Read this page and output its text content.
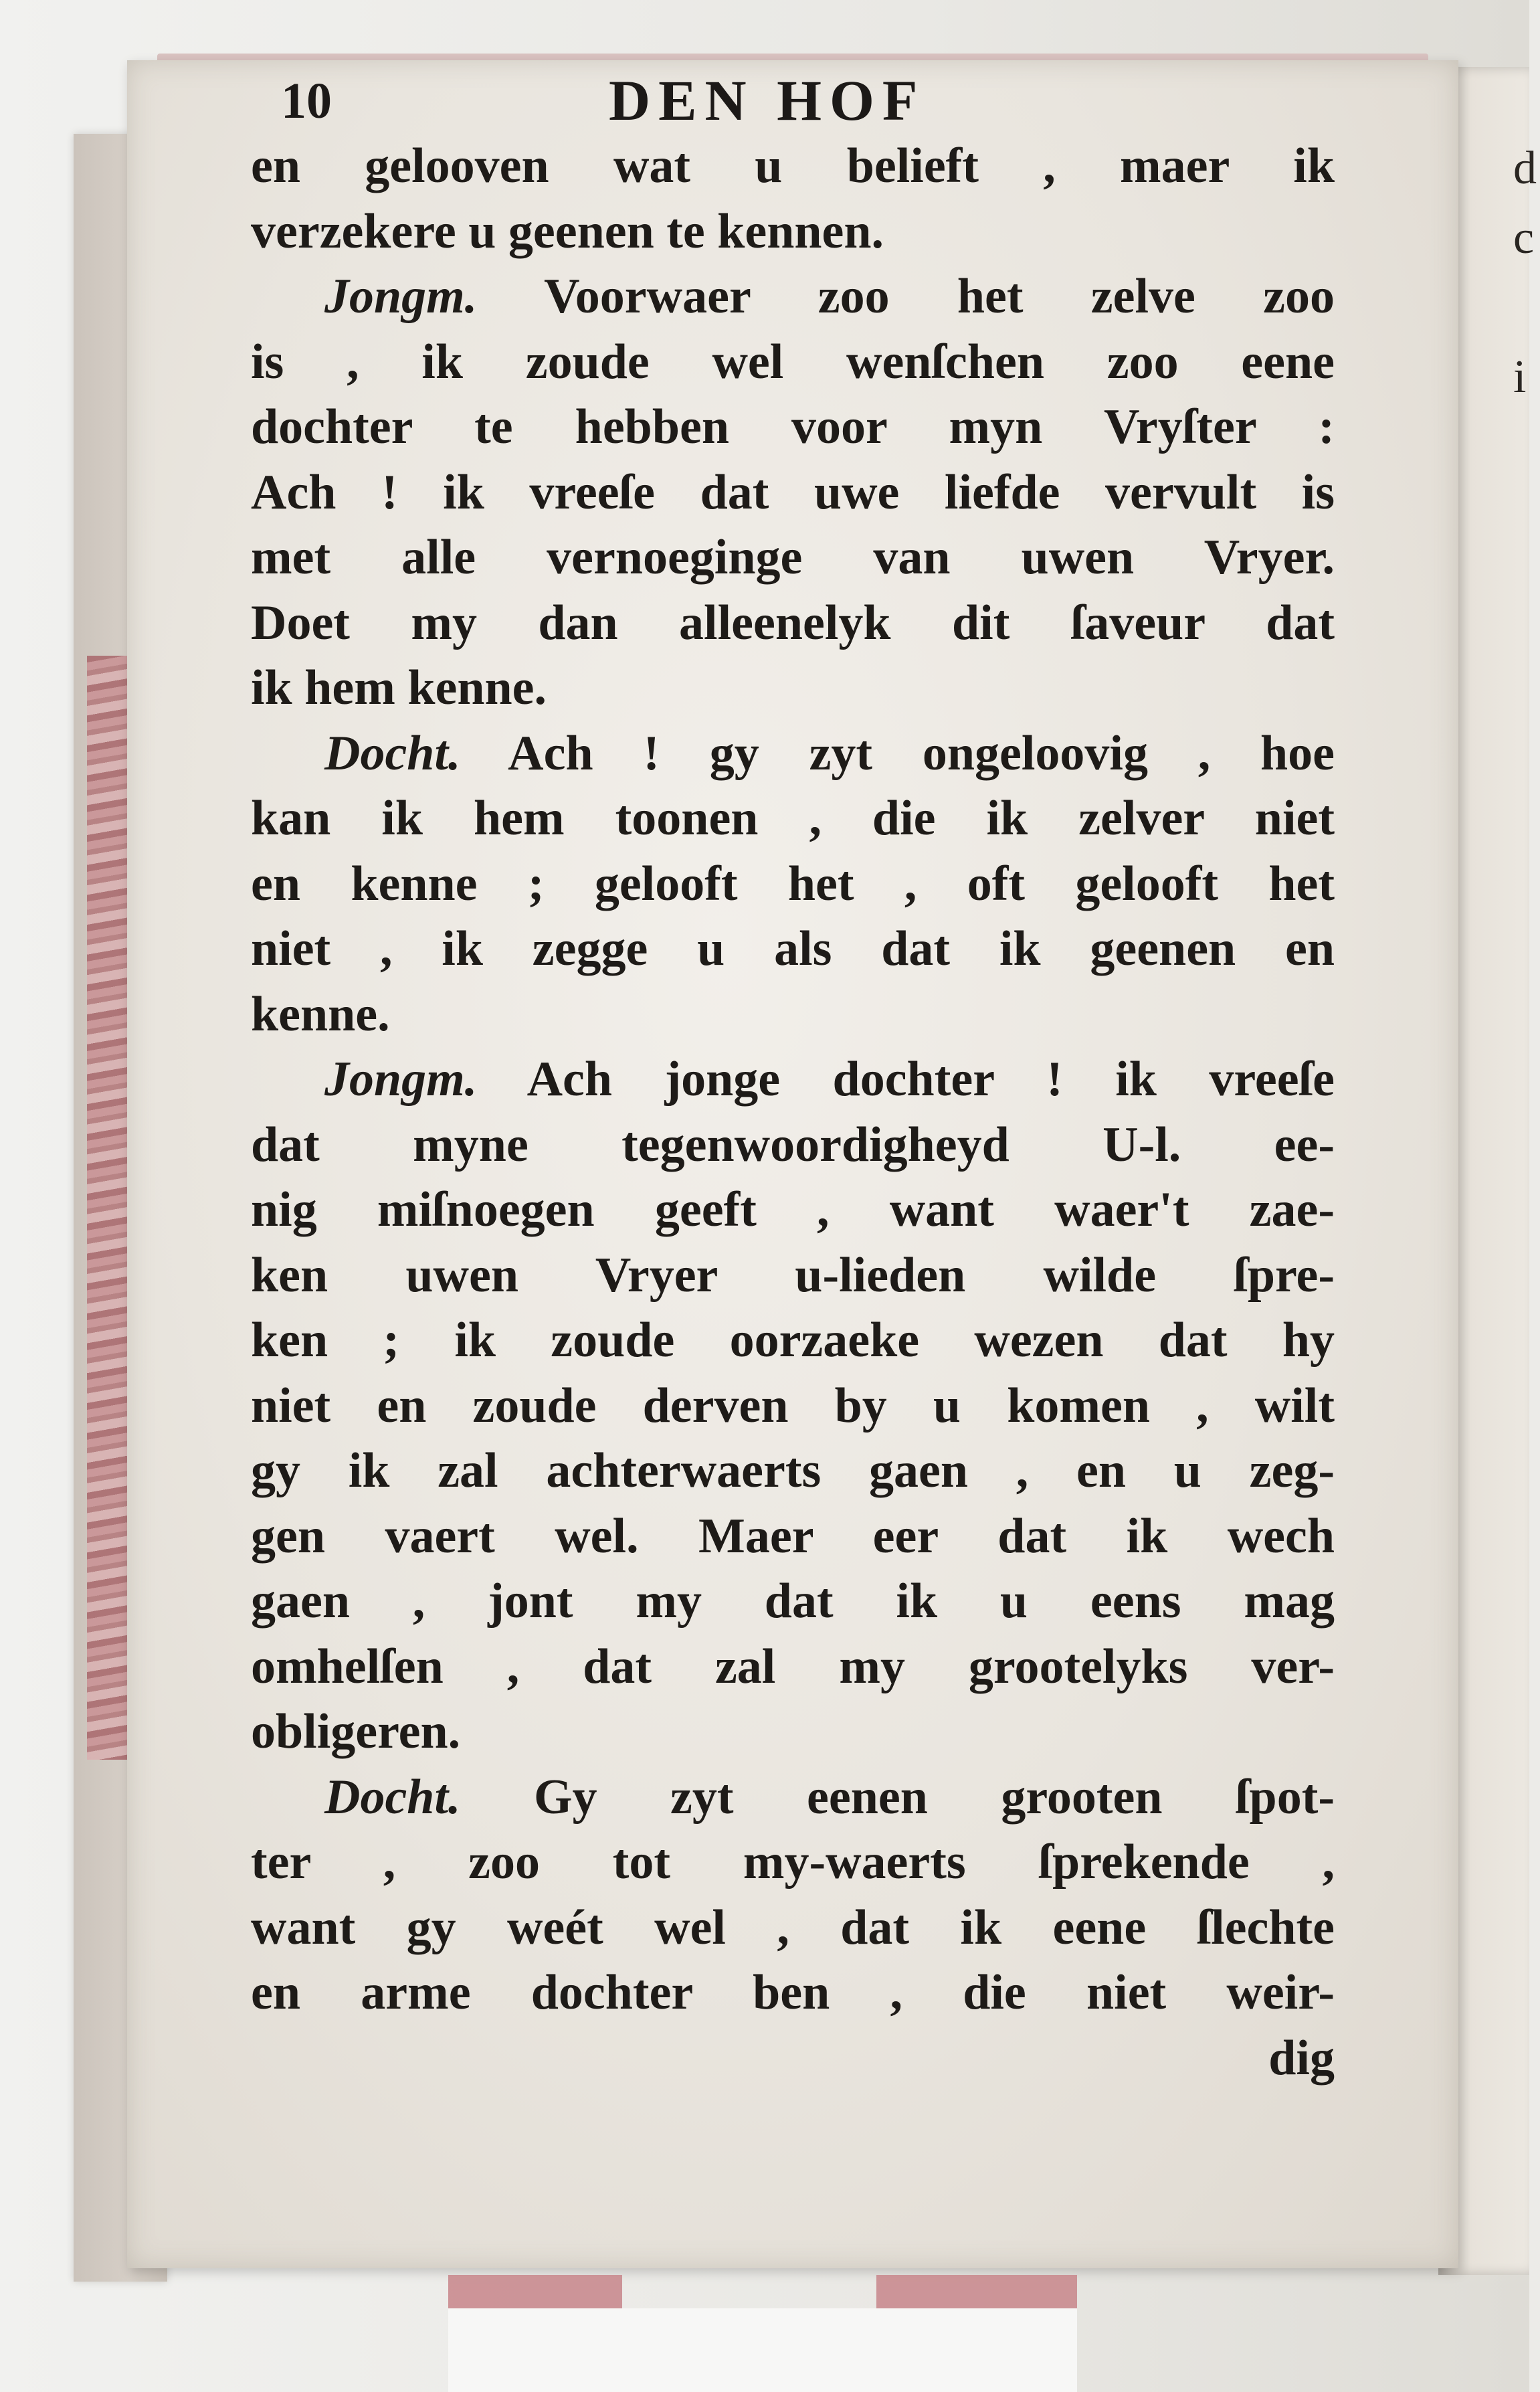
d
c

i

10	DEN HOF
en gelooven wat u belieft , maer ik
verzekere u geenen te kennen.
Jongm. Voorwaer zoo het zelve zoo
is , ik zoude wel wenſchen zoo eene
dochter te hebben voor myn Vryſter :
Ach ! ik vreeſe dat uwe liefde vervult is
met alle vernoeginge van uwen Vryer.
Doet my dan alleenelyk dit ſaveur dat
ik hem kenne.
Docht. Ach ! gy zyt ongeloovig , hoe
kan ik hem toonen , die ik zelver niet
en kenne ; gelooft het , oft gelooft het
niet , ik zegge u als dat ik geenen en
kenne.
Jongm. Ach jonge dochter ! ik vreeſe
dat myne tegenwoordigheyd U-l. ee-
nig miſnoegen geeft , want waer't zae-
ken uwen Vryer u-lieden wilde ſpre-
ken ; ik zoude oorzaeke wezen dat hy
niet en zoude derven by u komen , wilt
gy ik zal achterwaerts gaen , en u zeg-
gen vaert wel. Maer eer dat ik wech
gaen , jont my dat ik u eens mag
omhelſen , dat zal my grootelyks ver-
obligeren.
Docht. Gy zyt eenen grooten ſpot-
ter , zoo tot my-waerts ſprekende ,
want gy weét wel , dat ik eene ſlechte
en arme dochter ben , die niet weir-
dig
